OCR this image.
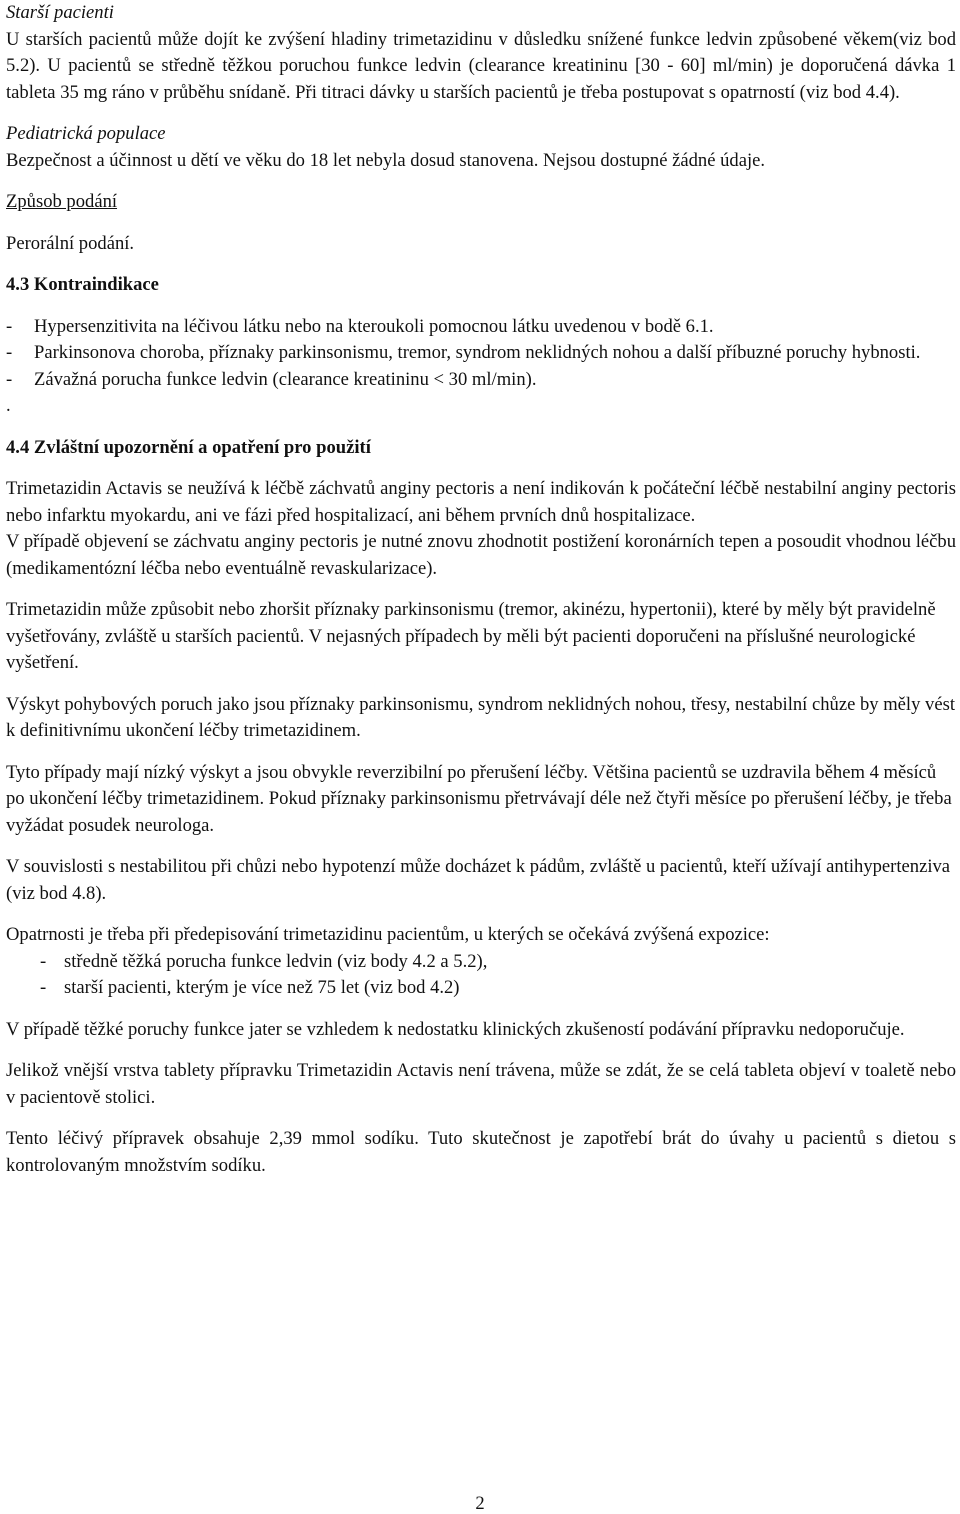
Starší pacienti

U starších pacientů může dojít ke zvýšení hladiny trimetazidinu v důsledku snížené funkce ledvin způsobené věkem(viz bod 5.2). U pacientů se středně těžkou poruchou funkce ledvin (clearance kreatininu [30 - 60] ml/min) je doporučená dávka 1 tableta 35 mg ráno v průběhu snídaně. Při titraci dávky u starších pacientů je třeba postupovat s opatrností (viz bod 4.4).

Pediatrická populace

Bezpečnost a účinnost u dětí ve věku do 18 let nebyla dosud stanovena. Nejsou dostupné žádné údaje.

Způsob podání

Perorální podání.

4.3 Kontraindikace

-	Hypersenzitivita na léčivou látku nebo na kteroukoli pomocnou látku uvedenou v bodě 6.1.
-	Parkinsonova choroba, příznaky parkinsonismu, tremor, syndrom neklidných nohou a další příbuzné poruchy hybnosti.
-	Závažná porucha funkce ledvin (clearance kreatininu < 30 ml/min).

.

4.4 Zvláštní upozornění a opatření pro použití

Trimetazidin Actavis se neužívá k léčbě záchvatů anginy pectoris a není indikován k počáteční léčbě nestabilní anginy pectoris nebo infarktu myokardu, ani ve fázi před hospitalizací, ani během prvních dnů hospitalizace.

V případě objevení se záchvatu anginy pectoris je nutné znovu zhodnotit postižení koronárních tepen a posoudit vhodnou léčbu (medikamentózní léčba nebo eventuálně revaskularizace).

Trimetazidin může způsobit nebo zhoršit příznaky parkinsonismu (tremor, akinézu, hypertonii), které by měly být pravidelně vyšetřovány, zvláště u starších pacientů. V nejasných případech by měli být pacienti doporučeni na příslušné neurologické vyšetření.

Výskyt pohybových poruch jako jsou příznaky parkinsonismu, syndrom neklidných nohou, třesy, nestabilní chůze by měly vést k definitivnímu ukončení léčby trimetazidinem.

Tyto případy mají nízký výskyt a jsou obvykle reverzibilní po přerušení léčby. Většina pacientů se uzdravila během 4 měsíců po ukončení léčby trimetazidinem. Pokud příznaky parkinsonismu přetrvávají déle než čtyři měsíce po přerušení léčby, je třeba vyžádat posudek neurologa.

V souvislosti s nestabilitou při chůzi nebo hypotenzí může docházet k pádům, zvláště u pacientů, kteří užívají antihypertenziva (viz bod 4.8).

Opatrnosti je třeba při předepisování trimetazidinu pacientům, u kterých se očekává zvýšená expozice:

- středně těžká porucha funkce ledvin (viz body 4.2 a 5.2),
- starší pacienti, kterým je více než 75 let (viz bod 4.2)

V případě těžké poruchy funkce jater se vzhledem k nedostatku klinických zkušeností podávání přípravku nedoporučuje.

Jelikož vnější vrstva tablety přípravku Trimetazidin Actavis není trávena, může se zdát, že se celá tableta objeví v toaletě nebo v pacientově stolici.

Tento léčivý přípravek obsahuje 2,39 mmol sodíku. Tuto skutečnost je zapotřebí brát do úvahy u pacientů s dietou s kontrolovaným množstvím sodíku.

2
